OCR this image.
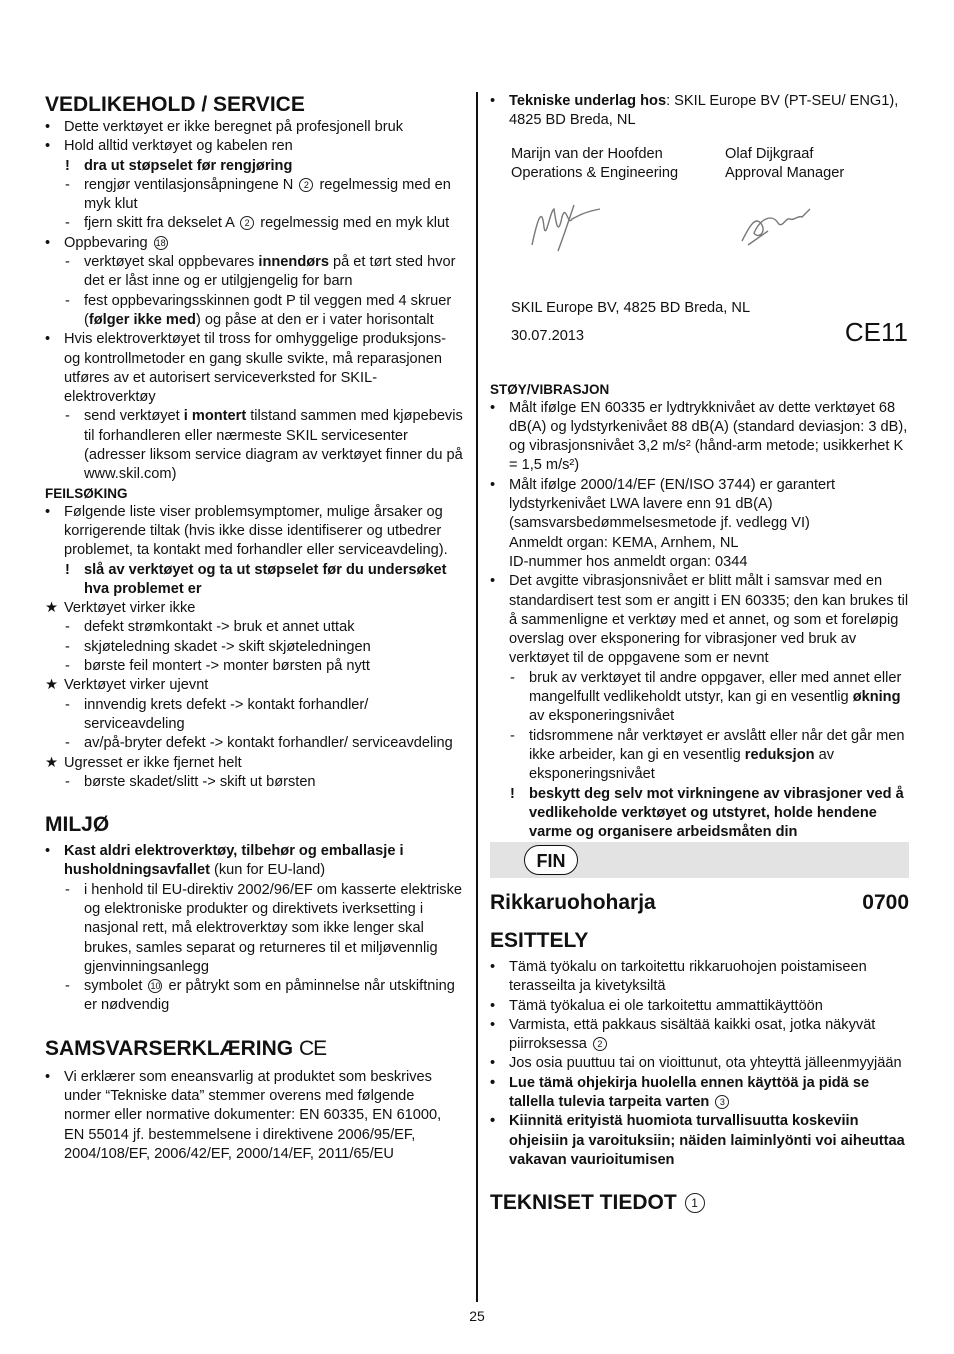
VEDLIKEHOLD / SERVICE
• Dette verktøyet er ikke beregnet på profesjonell bruk
• Hold alltid verktøyet og kabelen ren
! dra ut støpselet før rengjøring
- rengjør ventilasjonsåpningene N 2 regelmessig med en myk klut
- fjern skitt fra dekselet A 2 regelmessig med en myk klut
• Oppbevaring 18
- verktøyet skal oppbevares innendørs på et tørt sted hvor det er låst inne og er utilgjengelig for barn
- fest oppbevaringsskinnen godt P til veggen med 4 skruer (følger ikke med) og påse at den er i vater horisontalt
• Hvis elektroverktøyet til tross for omhyggelige produksjons- og kontrollmetoder en gang skulle svikte, må reparasjonen utføres av et autorisert serviceverksted for SKIL-elektroverktøy
- send verktøyet i montert tilstand sammen med kjøpebevis til forhandleren eller nærmeste SKIL servicesenter (adresser liksom service diagram av verktøyet finner du på www.skil.com)
FEILSØKING
• Følgende liste viser problemsymptomer, mulige årsaker og korrigerende tiltak (hvis ikke disse identifiserer og utbedrer problemet, ta kontakt med forhandler eller serviceavdeling).
! slå av verktøyet og ta ut støpselet før du undersøket hva problemet er
★ Verktøyet virker ikke
- defekt strømkontakt -> bruk et annet uttak
- skjøteledning skadet -> skift skjøteledningen
- børste feil montert -> monter børsten på nytt
★ Verktøyet virker ujevnt
- innvendig krets defekt -> kontakt forhandler/ serviceavdeling
- av/på-bryter defekt -> kontakt forhandler/ serviceavdeling
★ Ugresset er ikke fjernet helt
- børste skadet/slitt -> skift ut børsten
MILJØ
• Kast aldri elektroverktøy, tilbehør og emballasje i husholdningsavfallet (kun for EU-land)
- i henhold til EU-direktiv 2002/96/EF om kasserte elektriske og elektroniske produkter og direktivets iverksetting i nasjonal rett, må elektroverktøy som ikke lenger skal brukes, samles separat og returneres til et miljøvennlig gjenvinningsanlegg
- symbolet 10 er påtrykt som en påminnelse når utskiftning er nødvendig
SAMSVARSERKLÆRING CE
• Vi erklærer som eneansvarlig at produktet som beskrives under “Tekniske data” stemmer overens med følgende normer eller normative dokumenter: EN 60335, EN 61000, EN 55014 jf. bestemmelsene i direktivene 2006/95/EF, 2004/108/EF, 2006/42/EF, 2000/14/EF, 2011/65/EU
• Tekniske underlag hos: SKIL Europe BV (PT-SEU/ ENG1), 4825 BD Breda, NL
Marijn van der Hoofden
Operations & Engineering
Olaf Dijkgraaf
Approval Manager
SKIL Europe BV, 4825 BD Breda, NL
30.07.2013	CE11
STØY/VIBRASJON
• Målt ifølge EN 60335 er lydtrykknivået av dette verktøyet 68 dB(A) og lydstyrkenivået 88 dB(A) (standard deviasjon: 3 dB), og vibrasjonsnivået 3,2 m/s² (hånd-arm metode; usikkerhet K = 1,5 m/s²)
• Målt ifølge 2000/14/EF (EN/ISO 3744) er garantert lydstyrkenivået LWA lavere enn 91 dB(A)
(samsvarsbedømmelsesmetode jf. vedlegg VI)
Anmeldt organ: KEMA, Arnhem, NL
ID-nummer hos anmeldt organ: 0344
• Det avgitte vibrasjonsnivået er blitt målt i samsvar med en standardisert test som er angitt i EN 60335; den kan brukes til å sammenligne et verktøy med et annet, og som et foreløpig overslag over eksponering for vibrasjoner ved bruk av verktøyet til de oppgavene som er nevnt
- bruk av verktøyet til andre oppgaver, eller med annet eller mangelfullt vedlikeholdt utstyr, kan gi en vesentlig økning av eksponeringsnivået
- tidsrommene når verktøyet er avslått eller når det går men ikke arbeider, kan gi en vesentlig reduksjon av eksponeringsnivået
! beskytt deg selv mot virkningene av vibrasjoner ved å vedlikeholde verktøyet og utstyret, holde hendene varme og organisere arbeidsmåten din
FIN
Rikkaruohoharja	0700
ESITTELY
• Tämä työkalu on tarkoitettu rikkaruohojen poistamiseen terasseilta ja kivetyksiltä
• Tämä työkalua ei ole tarkoitettu ammattikäyttöön
• Varmista, että pakkaus sisältää kaikki osat, jotka näkyvät piirroksessa 2
• Jos osia puuttuu tai on vioittunut, ota yhteyttä jälleenmyyjään
• Lue tämä ohjekirja huolella ennen käyttöä ja pidä se tallella tulevia tarpeita varten 3
• Kiinnitä erityistä huomiota turvallisuutta koskeviin ohjeisiin ja varoituksiin; näiden laiminlyönti voi aiheuttaa vakavan vaurioitumisen
TEKNISET TIEDOT 1
25
